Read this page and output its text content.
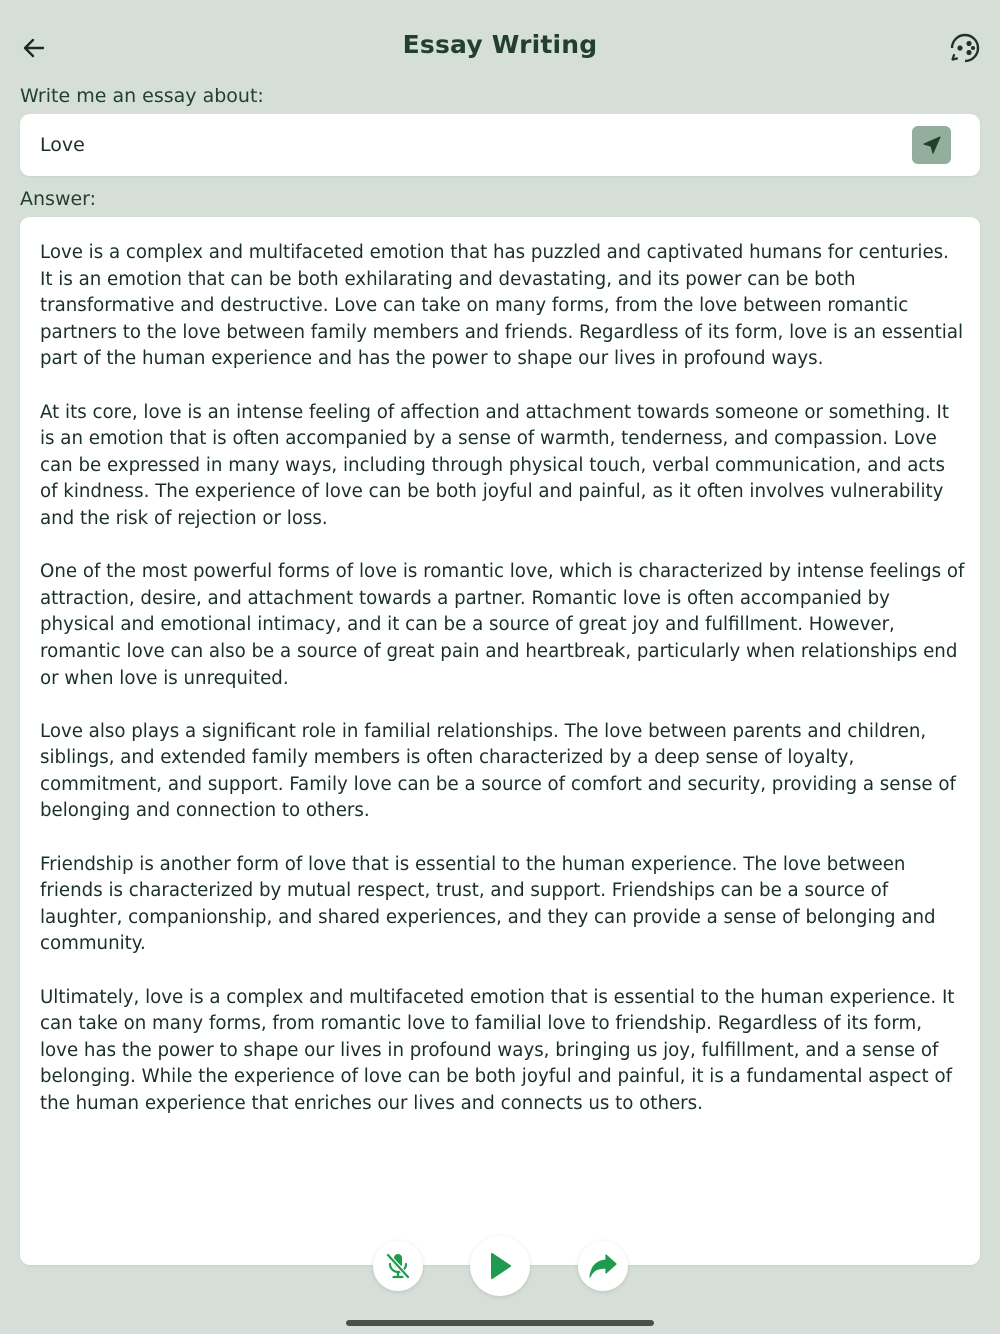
Essay Writing
Write me an essay about:
Love
Answer:

Love is a complex and multifaceted emotion that has puzzled and captivated humans for centuries. It is an emotion that can be both exhilarating and devastating, and its power can be both transformative and destructive. Love can take on many forms, from the love between romantic partners to the love between family members and friends. Regardless of its form, love is an essential part of the human experience and has the power to shape our lives in profound ways.

At its core, love is an intense feeling of affection and attachment towards someone or something. It is an emotion that is often accompanied by a sense of warmth, tenderness, and compassion. Love can be expressed in many ways, including through physical touch, verbal communication, and acts of kindness. The experience of love can be both joyful and painful, as it often involves vulnerability and the risk of rejection or loss.

One of the most powerful forms of love is romantic love, which is characterized by intense feelings of attraction, desire, and attachment towards a partner. Romantic love is often accompanied by physical and emotional intimacy, and it can be a source of great joy and fulfillment. However, romantic love can also be a source of great pain and heartbreak, particularly when relationships end or when love is unrequited.

Love also plays a significant role in familial relationships. The love between parents and children, siblings, and extended family members is often characterized by a deep sense of loyalty, commitment, and support. Family love can be a source of comfort and security, providing a sense of belonging and connection to others.

Friendship is another form of love that is essential to the human experience. The love between friends is characterized by mutual respect, trust, and support. Friendships can be a source of laughter, companionship, and shared experiences, and they can provide a sense of belonging and community.

Ultimately, love is a complex and multifaceted emotion that is essential to the human experience. It can take on many forms, from romantic love to familial love to friendship. Regardless of its form, love has the power to shape our lives in profound ways, bringing us joy, fulfillment, and a sense of belonging. While the experience of love can be both joyful and painful, it is a fundamental aspect of the human experience that enriches our lives and connects us to others.
